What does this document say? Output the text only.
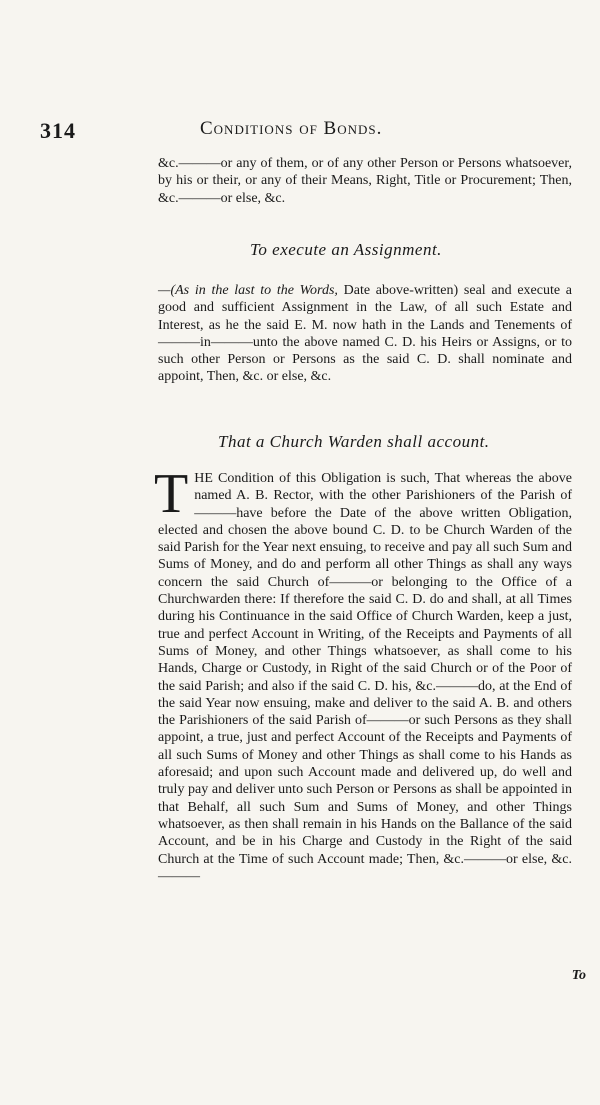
314	Conditions of Bonds.

&c.———or any of them, or of any other Person or Persons whatsoever, by his or their, or any of their Means, Right, Title or Procurement; Then, &c.———or else, &c.

To execute an Assignment.

—(As in the last to the Words, Date above-written) seal and execute a good and sufficient Assignment in the Law, of all such Estate and Interest, as he the said E. M. now hath in the Lands and Tenements of———in———unto the above named C. D. his Heirs or Assigns, or to such other Person or Persons as the said C. D. shall nominate and appoint, Then, &c. or else, &c.

That a Church Warden shall account.

THE Condition of this Obligation is such, That whereas the above named A. B. Rector, with the other Parishioners of the Parish of———have before the Date of the above written Obligation, elected and chosen the above bound C. D. to be Church Warden of the said Parish for the Year next ensuing, to receive and pay all such Sum and Sums of Money, and do and perform all other Things as shall any ways concern the said Church of———or belonging to the Office of a Churchwarden there: If therefore the said C. D. do and shall, at all Times during his Continuance in the said Office of Church Warden, keep a just, true and perfect Account in Writing, of the Receipts and Payments of all Sums of Money, and other Things whatsoever, as shall come to his Hands, Charge or Custody, in Right of the said Church or of the Poor of the said Parish; and also if the said C. D. his, &c.———do, at the End of the said Year now ensuing, make and deliver to the said A. B. and others the Parishioners of the said Parish of———or such Persons as they shall appoint, a true, just and perfect Account of the Receipts and Payments of all such Sums of Money and other Things as shall come to his Hands as aforesaid; and upon such Account made and delivered up, do well and truly pay and deliver unto such Person or Persons as shall be appointed in that Behalf, all such Sum and Sums of Money, and other Things whatsoever, as then shall remain in his Hands on the Ballance of the said Account, and be in his Charge and Custody in the Right of the said Church at the Time of such Account made; Then, &c.———or else, &c.———

To
